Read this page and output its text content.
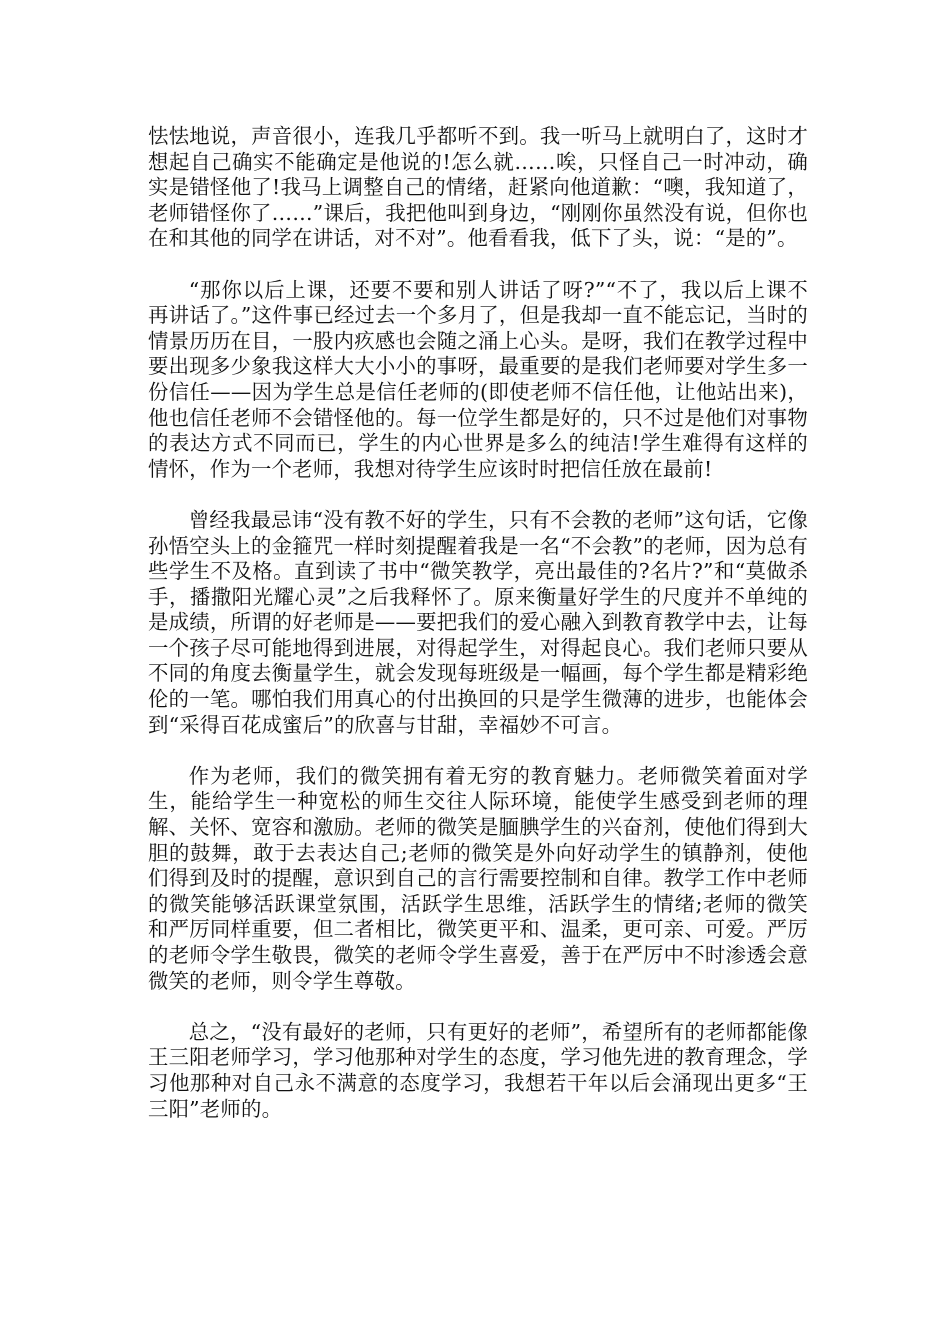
怯怯地说，声音很小，连我几乎都听不到。我一听马上就明白了，这时才想起自己确实不能确定是他说的!怎么就……唉，只怪自己一时冲动，确实是错怪他了!我马上调整自己的情绪，赶紧向他道歉：“噢，我知道了，老师错怪你了……”课后，我把他叫到身边，“刚刚你虽然没有说，但你也在和其他的同学在讲话，对不对”。他看看我，低下了头，说：“是的”。

“那你以后上课，还要不要和别人讲话了呀?”“不了，我以后上课不再讲话了。”这件事已经过去一个多月了，但是我却一直不能忘记，当时的情景历历在目，一股内疚感也会随之涌上心头。是呀，我们在教学过程中要出现多少象我这样大大小小的事呀，最重要的是我们老师要对学生多一份信任——因为学生总是信任老师的(即使老师不信任他，让他站出来)，他也信任老师不会错怪他的。每一位学生都是好的，只不过是他们对事物的表达方式不同而已，学生的内心世界是多么的纯洁!学生难得有这样的情怀，作为一个老师，我想对待学生应该时时把信任放在最前!

曾经我最忌讳“没有教不好的学生，只有不会教的老师”这句话，它像孙悟空头上的金箍咒一样时刻提醒着我是一名“不会教”的老师，因为总有些学生不及格。直到读了书中“微笑教学，亮出最佳的?名片?”和“莫做杀手，播撒阳光耀心灵”之后我释怀了。原来衡量好学生的尺度并不单纯的是成绩，所谓的好老师是——要把我们的爱心融入到教育教学中去，让每一个孩子尽可能地得到进展，对得起学生，对得起良心。我们老师只要从不同的角度去衡量学生，就会发现每班级是一幅画，每个学生都是精彩绝伦的一笔。哪怕我们用真心的付出换回的只是学生微薄的进步，也能体会到“采得百花成蜜后”的欣喜与甘甜，幸福妙不可言。

作为老师，我们的微笑拥有着无穷的教育魅力。老师微笑着面对学生，能给学生一种宽松的师生交往人际环境，能使学生感受到老师的理解、关怀、宽容和激励。老师的微笑是腼腆学生的兴奋剂，使他们得到大胆的鼓舞，敢于去表达自己;老师的微笑是外向好动学生的镇静剂，使他们得到及时的提醒，意识到自己的言行需要控制和自律。教学工作中老师的微笑能够活跃课堂氛围，活跃学生思维，活跃学生的情绪;老师的微笑和严厉同样重要，但二者相比，微笑更平和、温柔，更可亲、可爱。严厉的老师令学生敬畏，微笑的老师令学生喜爱，善于在严厉中不时渗透会意微笑的老师，则令学生尊敬。

总之，“没有最好的老师，只有更好的老师”，希望所有的老师都能像王三阳老师学习，学习他那种对学生的态度，学习他先进的教育理念，学习他那种对自己永不满意的态度学习，我想若干年以后会涌现出更多“王三阳”老师的。
